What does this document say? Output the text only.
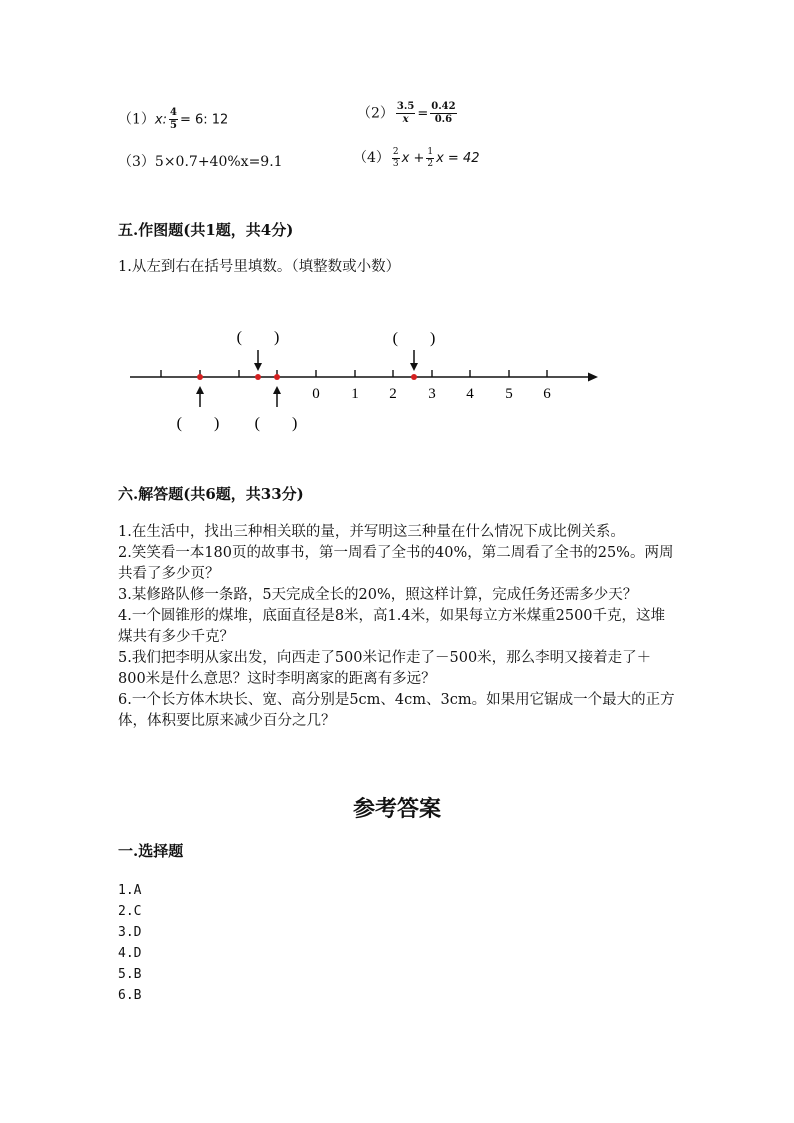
（1）x: $\frac{4}{5} = 6$: 12	$(2) \frac{3.5}{x} = \frac{0.42}{0.6}$
（3）5×0.7+40%x=9.1	$(4) \frac{2}{3}$ $x + \frac{1}{2}$ x = 42
五.作图题(共1题，共4分)
1.从左到右在括号里填数。（填整数或小数）
0 1 2 3 4 5 6
(　　)	(　　)
(　　) (　　)
六.解答题(共6题，共33分)
1.在生活中，找出三种相关联的量，并写明这三种量在什么情况下成比例关系。
2.笑笑看一本180页的故事书，第一周看了全书的40%，第二周看了全书的25%。两周共看了多少页？
3.某修路队修一条路，5天完成全长的20%，照这样计算，完成任务还需多少天？
4.一个圆锥形的煤堆，底面直径是8米，高1.4米，如果每立方米煤重2500千克，这堆煤共有多少千克？
5.我们把李明从家出发，向西走了500米记作走了－500米，那么李明又接着走了＋800米是什么意思？这时李明离家的距离有多远？
6.一个长方体木块长、宽、高分别是5cm、4cm、3cm。如果用它锯成一个最大的正方体，体积要比原来减少百分之几？
参考答案
一.选择题
1.A
2.C
3.D
4.D
5.B
6.B
